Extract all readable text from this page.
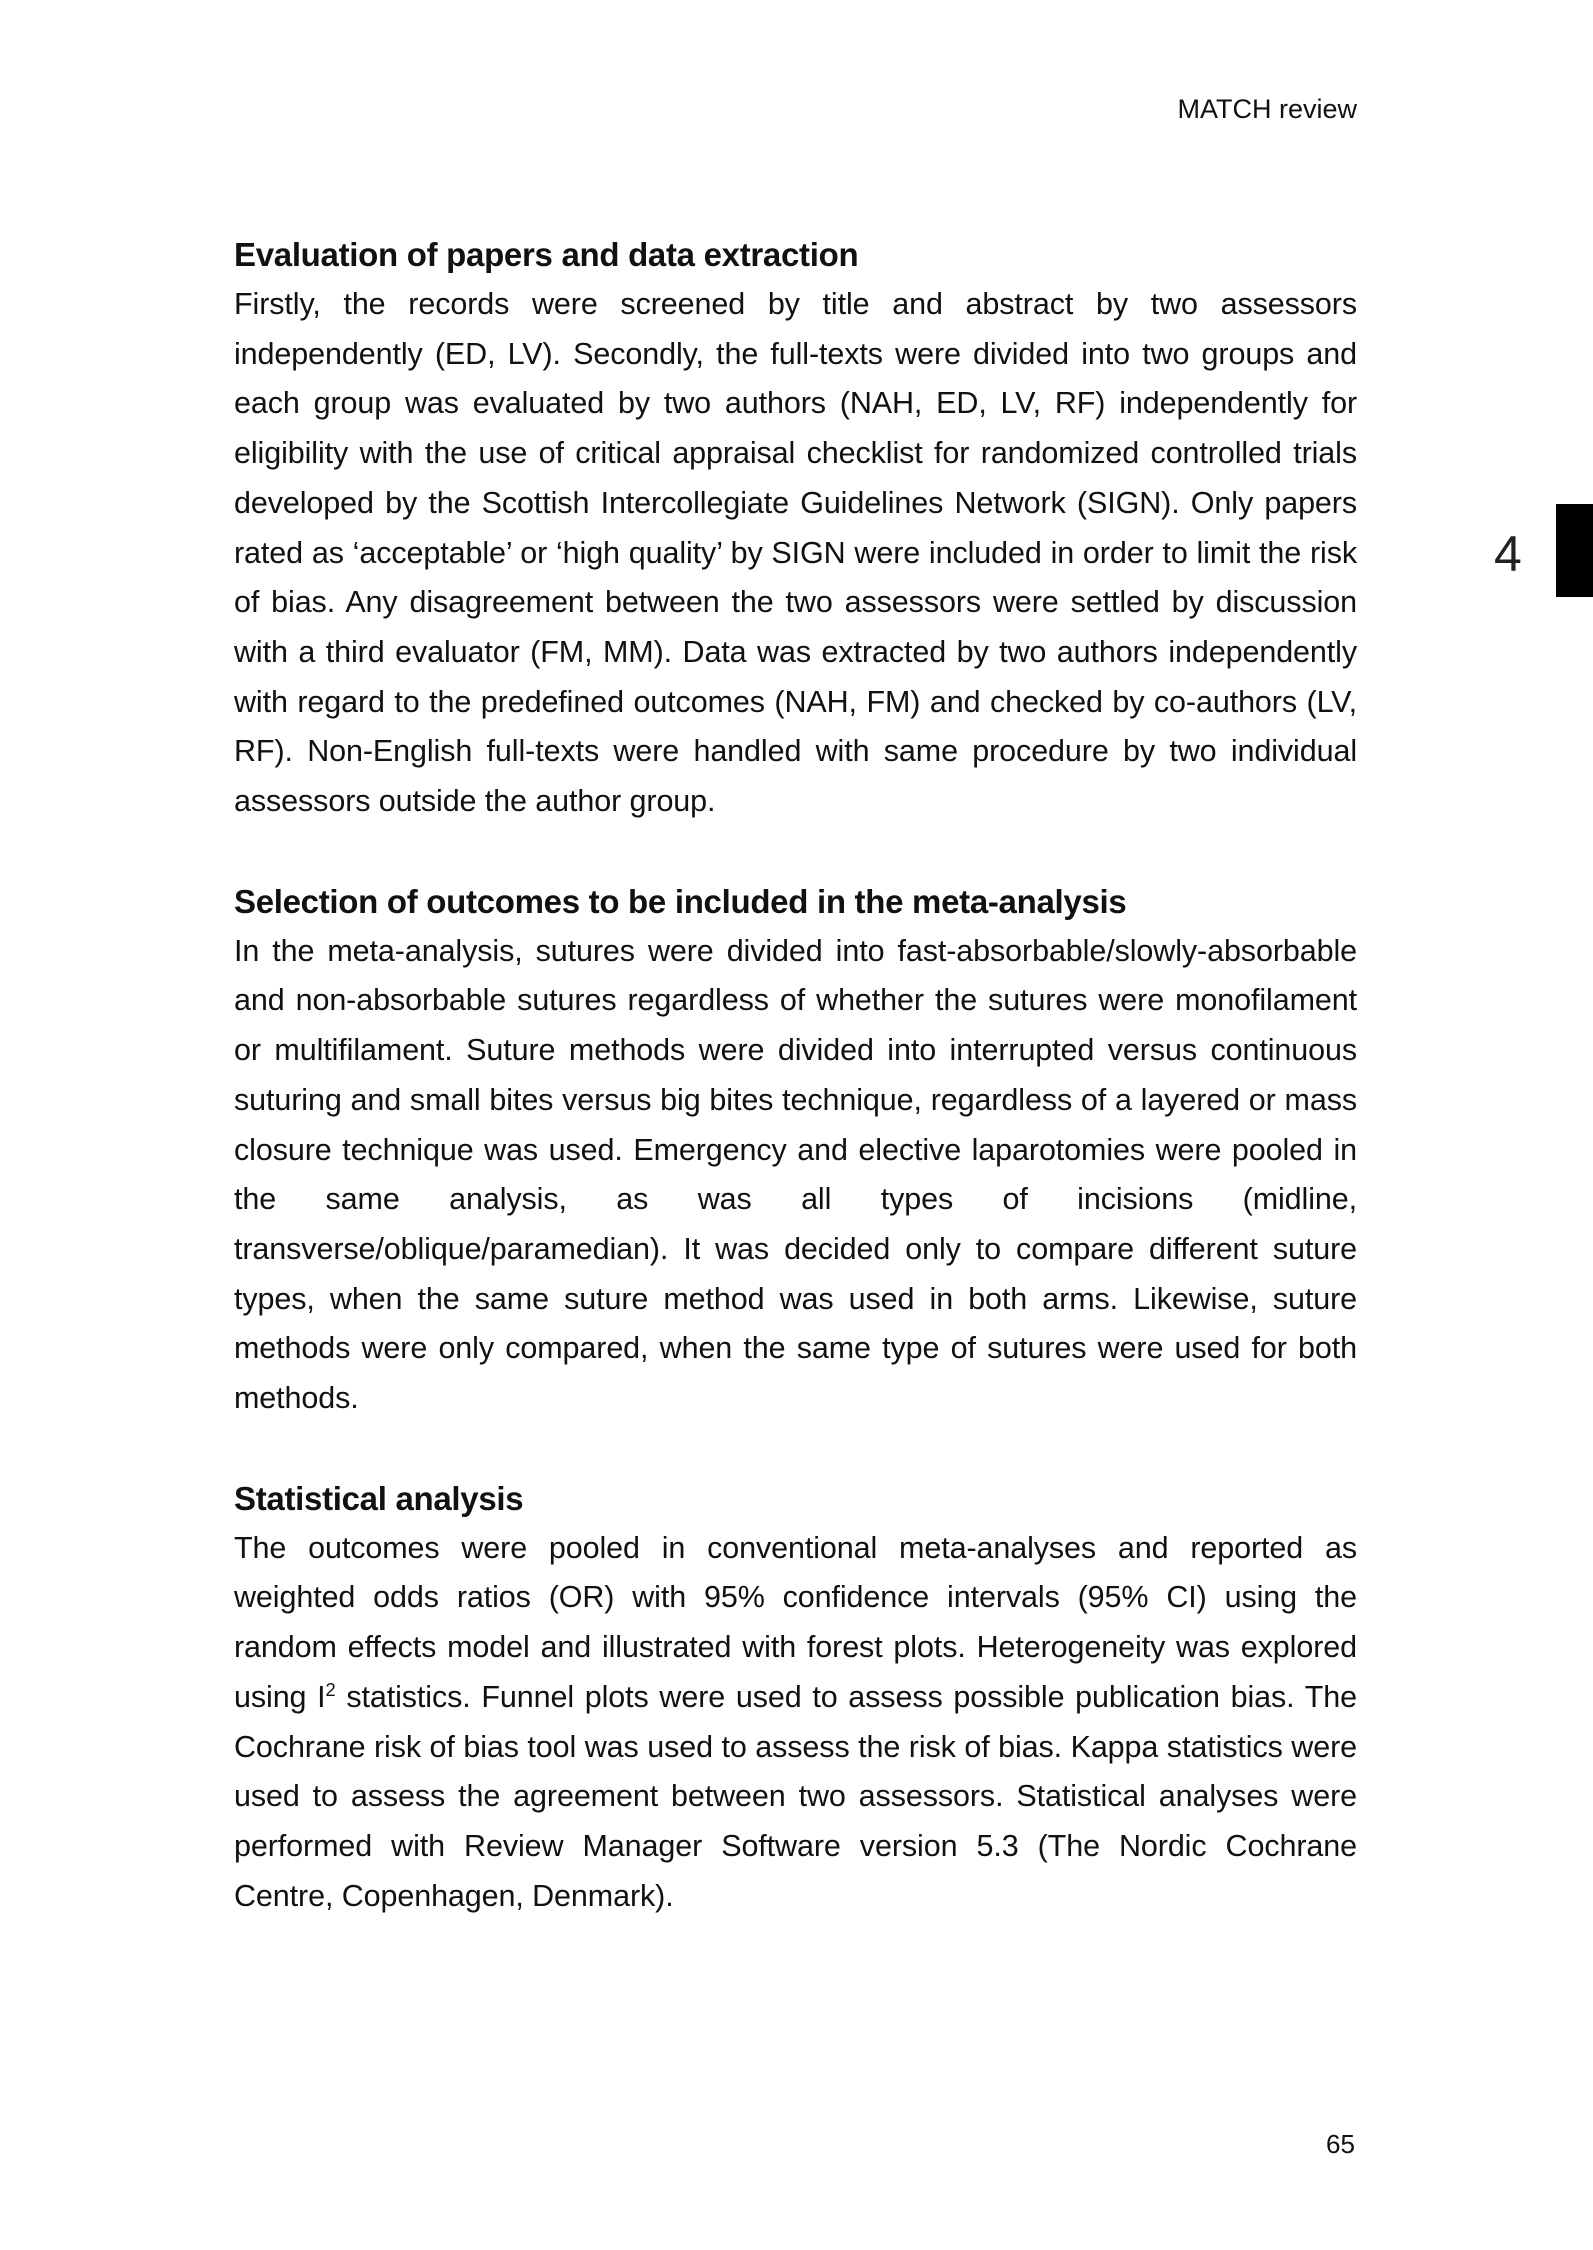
MATCH review
4
Evaluation of papers and data extraction

Firstly, the records were screened by title and abstract by two assessors independently (ED, LV). Secondly, the full-texts were divided into two groups and each group was evaluated by two authors (NAH, ED, LV, RF) independently for eligibility with the use of critical appraisal checklist for randomized controlled trials developed by the Scottish Intercollegiate Guidelines Network (SIGN). Only papers rated as ‘acceptable’ or ‘high quality’ by SIGN were included in order to limit the risk of bias. Any disagreement between the two assessors were settled by discussion with a third evaluator (FM, MM). Data was extracted by two authors independently with regard to the predefined outcomes (NAH, FM) and checked by co-authors (LV, RF). Non-English full-texts were handled with same procedure by two individual assessors outside the author group.

Selection of outcomes to be included in the meta-analysis

In the meta-analysis, sutures were divided into fast-absorbable/slowly-absorbable and non-absorbable sutures regardless of whether the sutures were monofilament or multifilament. Suture methods were divided into interrupted versus continuous suturing and small bites versus big bites technique, regardless of a layered or mass closure technique was used. Emergency and elective laparotomies were pooled in the same analysis, as was all types of incisions (midline, transverse/oblique/paramedian). It was decided only to compare different suture types, when the same suture method was used in both arms. Likewise, suture methods were only compared, when the same type of sutures were used for both methods.

Statistical analysis

The outcomes were pooled in conventional meta-analyses and reported as weighted odds ratios (OR) with 95% confidence intervals (95% CI) using the random effects model and illustrated with forest plots. Heterogeneity was explored using $I^2$ statistics. Funnel plots were used to assess possible publication bias. The Cochrane risk of bias tool was used to assess the risk of bias. Kappa statistics were used to assess the agreement between two assessors. Statistical analyses were performed with Review Manager Software version 5.3 (The Nordic Cochrane Centre, Copenhagen, Denmark).

65
